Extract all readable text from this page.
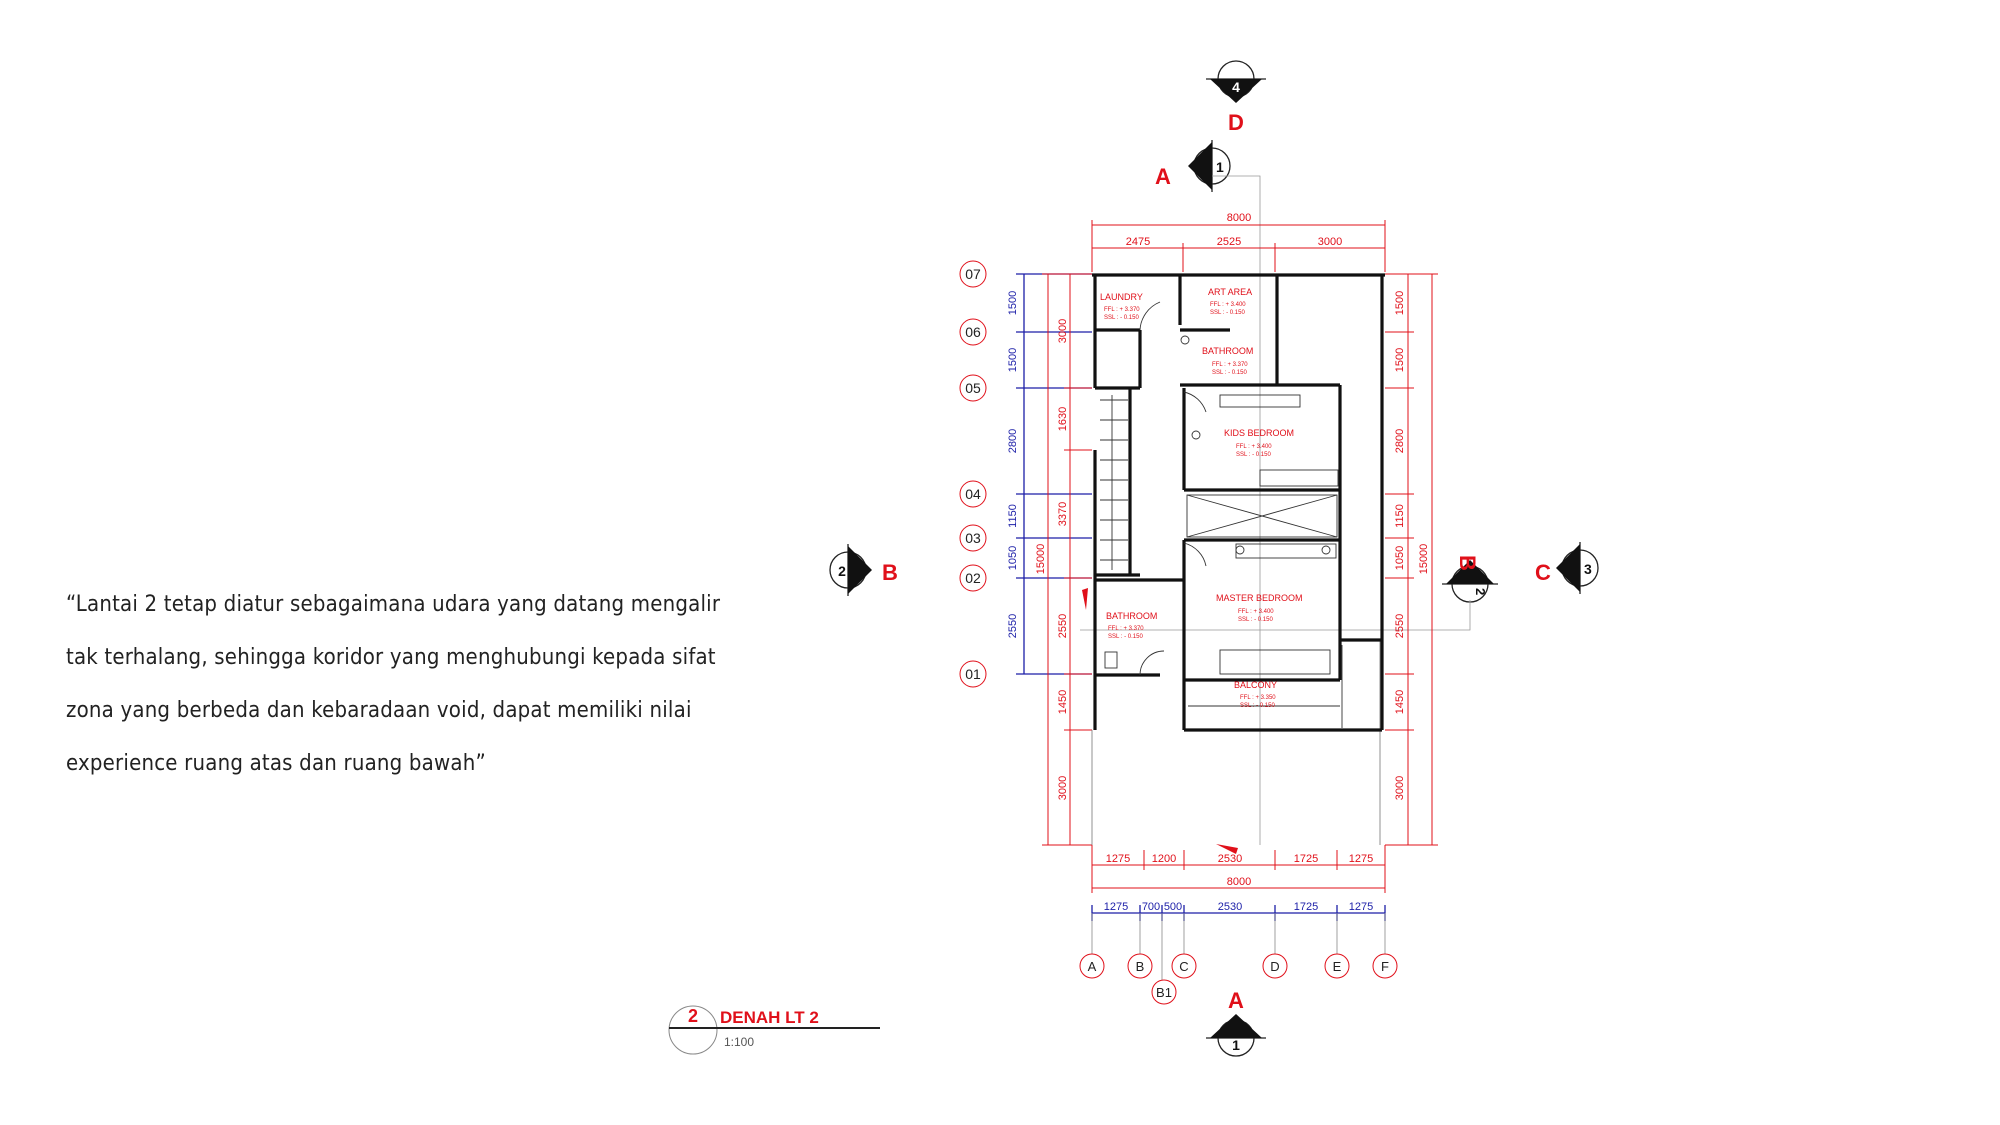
“Lantai 2 tetap diatur sebagaimana udara yang datang mengalir
tak terhalang, sehingga koridor yang menghubungi kepada sifat
zona yang berbeda dan kebaradaan void, dapat memiliki nilai
experience ruang atas dan ruang bawah”
4
D
1
A
1
A
2 B
2
B	3
C
8000
2475	2525	3000
07
06
05
04
03
02
01
1500
1500
2800
1150
1050
2550
3000
1630
3370
2550
1450
3000
15000
1500
1500
2800
1150
1050
2550
1450
3000
15000
1275 1200	2530	1725	1275
8000
1275 700 500	2530	1725	1275
A	B	C	D	E	F
B1
LAUNDRY
FFL : + 3.370
SSL : - 0.150
ART AREA
FFL : + 3.400
SSL : - 0.150
BATHROOM
FFL : + 3.370
SSL : - 0.150
KIDS BEDROOM
FFL : + 3.400
SSL : - 0.150
MASTER BEDROOM
FFL : + 3.400
SSL : - 0.150
BATHROOM
FFL : + 3.370
SSL : - 0.150
BALCONY
FFL : + 3.350
SSL : - 0.150
2 DENAH LT 2
1:100
